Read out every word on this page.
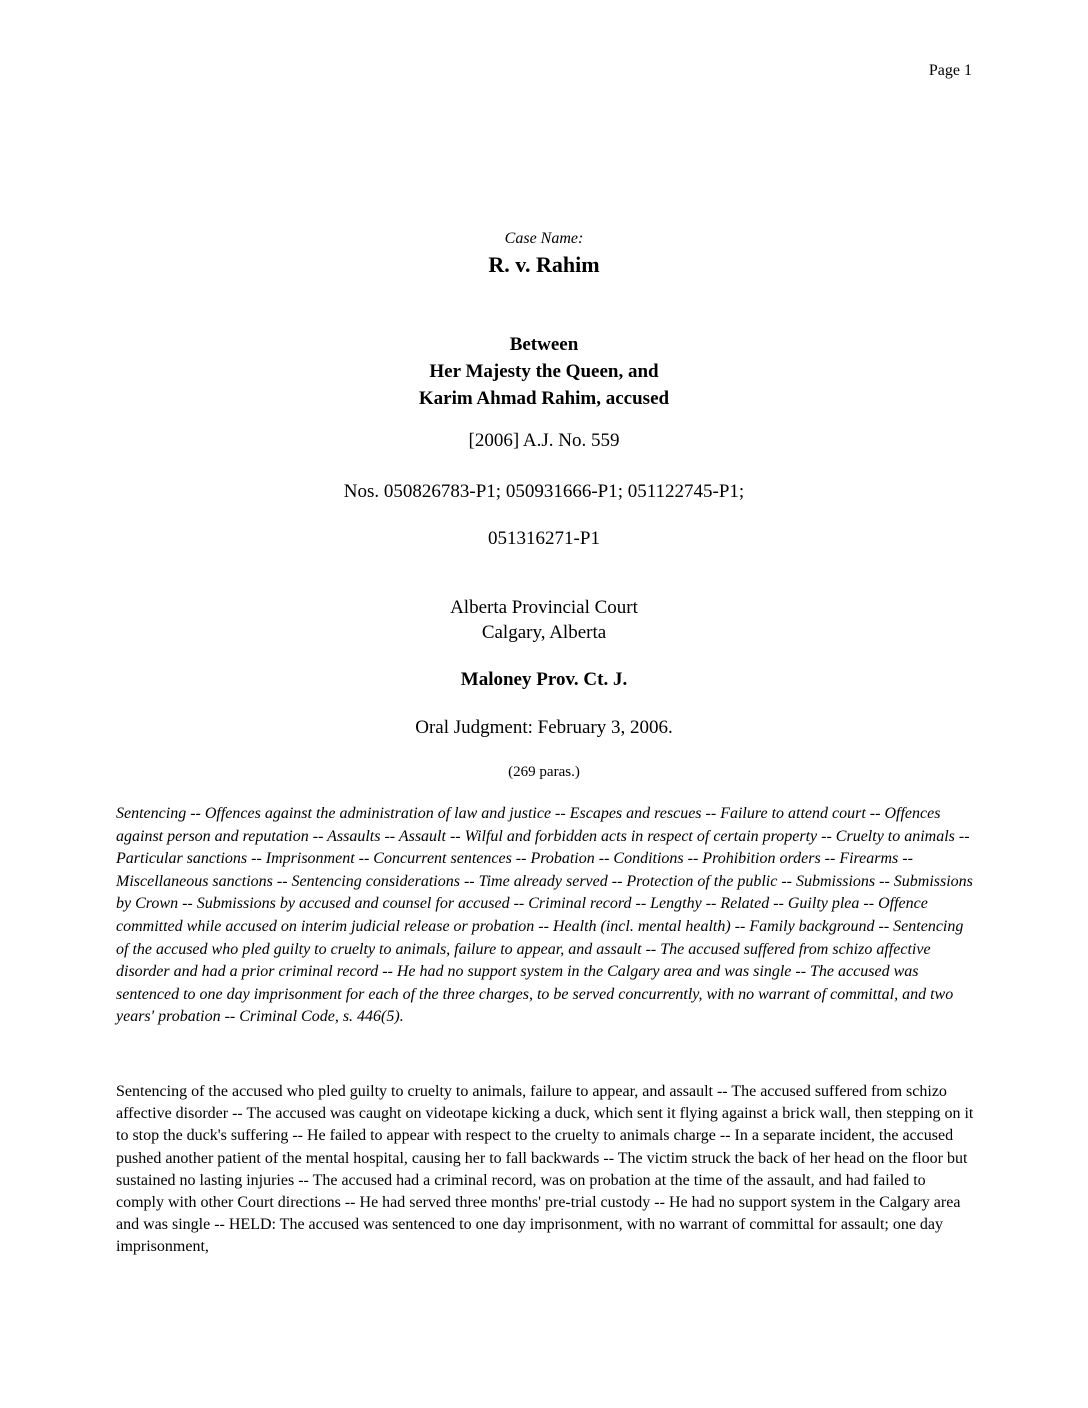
Page 1
Case Name:
R. v. Rahim
Between
Her Majesty the Queen, and
Karim Ahmad Rahim, accused
[2006] A.J. No. 559
Nos. 050826783-P1; 050931666-P1; 051122745-P1;
051316271-P1
Alberta Provincial Court
Calgary, Alberta
Maloney Prov. Ct. J.
Oral Judgment: February 3, 2006.
(269 paras.)

Sentencing -- Offences against the administration of law and justice -- Escapes and rescues -- Failure to attend court -- Offences against person and reputation -- Assaults -- Assault -- Wilful and forbidden acts in respect of certain property -- Cruelty to animals -- Particular sanctions -- Imprisonment -- Concurrent sentences -- Probation -- Conditions -- Prohibition orders -- Firearms -- Miscellaneous sanctions -- Sentencing considerations -- Time already served -- Protection of the public -- Submissions -- Submissions by Crown -- Submissions by accused and counsel for accused -- Criminal record -- Lengthy -- Related -- Guilty plea -- Offence committed while accused on interim judicial release or probation -- Health (incl. mental health) -- Family background -- Sentencing of the accused who pled guilty to cruelty to animals, failure to appear, and assault -- The accused suffered from schizo affective disorder and had a prior criminal record -- He had no support system in the Calgary area and was single -- The accused was sentenced to one day imprisonment for each of the three charges, to be served concurrently, with no warrant of committal, and two years' probation -- Criminal Code, s. 446(5).

Sentencing of the accused who pled guilty to cruelty to animals, failure to appear, and assault -- The accused suffered from schizo affective disorder -- The accused was caught on videotape kicking a duck, which sent it flying against a brick wall, then stepping on it to stop the duck's suffering -- He failed to appear with respect to the cruelty to animals charge -- In a separate incident, the accused pushed another patient of the mental hospital, causing her to fall backwards -- The victim struck the back of her head on the floor but sustained no lasting injuries -- The accused had a criminal record, was on probation at the time of the assault, and had failed to comply with other Court directions -- He had served three months' pre-trial custody -- He had no support system in the Calgary area and was single -- HELD: The accused was sentenced to one day imprisonment, with no warrant of committal for assault; one day imprisonment,
